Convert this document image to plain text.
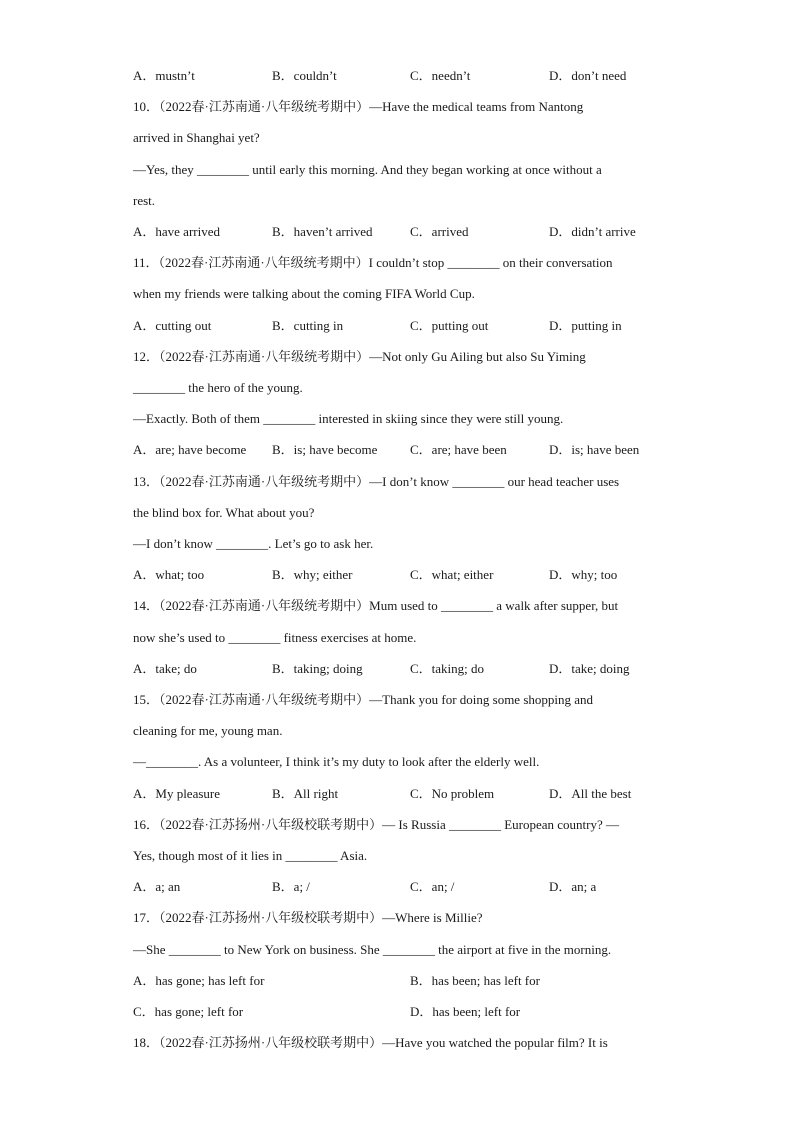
A．mustn’t	B．couldn’t	C．needn’t	D．don’t need
10．（2022春·江苏南通·八年级统考期中）—Have the medical teams from Nantong
arrived in Shanghai yet?
—Yes, they ________ until early this morning. And they began working at once without a
rest.
A．have arrived	B．haven’t arrived	C．arrived	D．didn’t arrive
11．（2022春·江苏南通·八年级统考期中）I couldn’t stop ________ on their conversation
when my friends were talking about the coming FIFA World Cup.
A．cutting out	B．cutting in	C．putting out	D．putting in
12．（2022春·江苏南通·八年级统考期中）—Not only Gu Ailing but also Su Yiming
________ the hero of the young.
—Exactly. Both of them ________ interested in skiing since they were still young.
A．are; have become B．is; have become	C．are; have been	D．is; have been
13．（2022春·江苏南通·八年级统考期中）—I don’t know ________ our head teacher uses
the blind box for. What about you?
—I don’t know ________. Let’s go to ask her.
A．what; too	B．why; either	C．what; either	D．why; too
14．（2022春·江苏南通·八年级统考期中）Mum used to ________ a walk after supper, but
now she’s used to ________ fitness exercises at home.
A．take; do	B．taking; doing	C．taking; do	D．take; doing
15．（2022春·江苏南通·八年级统考期中）—Thank you for doing some shopping and
cleaning for me, young man.
—________. As a volunteer, I think it’s my duty to look after the elderly well.
A．My pleasure	B．All right	C．No problem	D．All the best
16．（2022春·江苏扬州·八年级校联考期中）— Is Russia ________ European country? —
Yes, though most of it lies in ________ Asia.
A．a; an	B．a; /	C．an; /	D．an; a
17．（2022春·江苏扬州·八年级校联考期中）—Where is Millie?
—She ________ to New York on business. She ________ the airport at five in the morning.
A．has gone; has left for	B．has been; has left for
C．has gone; left for	D．has been; left for
18．（2022春·江苏扬州·八年级校联考期中）—Have you watched the popular film? It is
